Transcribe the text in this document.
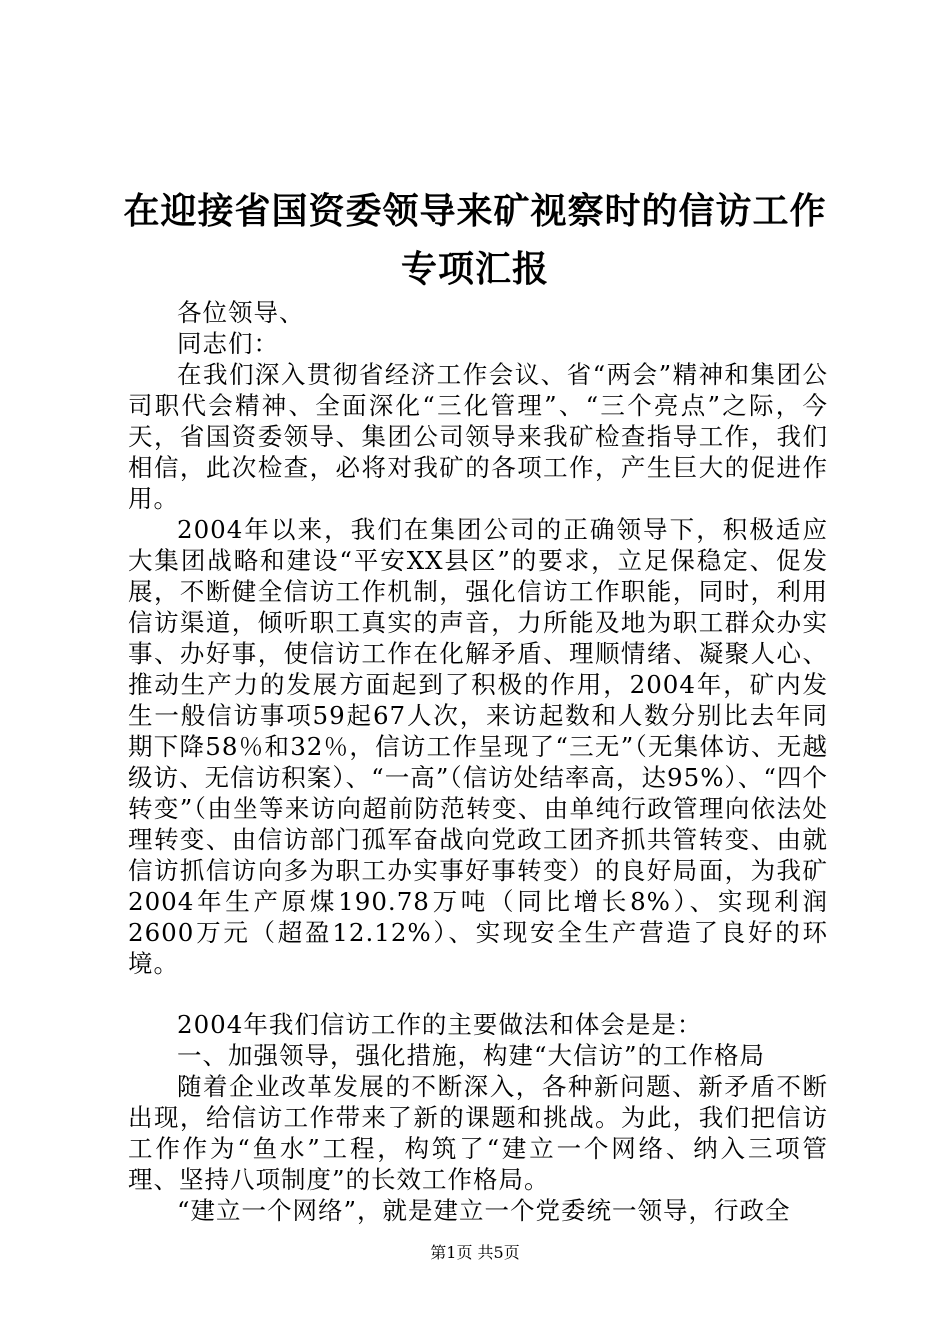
在迎接省国资委领导来矿视察时的信访工作专项汇报

各位领导、

同志们：

在我们深入贯彻省经济工作会议、省“两会”精神和集团公司职代会精神、全面深化“三化管理”、“三个亮点”之际，今天，省国资委领导、集团公司领导来我矿检查指导工作，我们相信，此次检查，必将对我矿的各项工作，产生巨大的促进作用。

2004年以来，我们在集团公司的正确领导下，积极适应大集团战略和建设“平安XX县区”的要求，立足保稳定、促发展，不断健全信访工作机制，强化信访工作职能，同时，利用信访渠道，倾听职工真实的声音，力所能及地为职工群众办实事、办好事，使信访工作在化解矛盾、理顺情绪、凝聚人心、推动生产力的发展方面起到了积极的作用，2004年，矿内发生一般信访事项59起67人次，来访起数和人数分别比去年同期下降58％和32％，信访工作呈现了“三无”（无集体访、无越级访、无信访积案）、“一高”（信访处结率高，达95%）、“四个转变”（由坐等来访向超前防范转变、由单纯行政管理向依法处理转变、由信访部门孤军奋战向党政工团齐抓共管转变、由就信访抓信访向多为职工办实事好事转变）的良好局面，为我矿2004年生产原煤190.78万吨（同比增长8%）、实现利润2600万元（超盈12.12%）、实现安全生产营造了良好的环境。

2004年我们信访工作的主要做法和体会是是：

一、加强领导，强化措施，构建“大信访”的工作格局

随着企业改革发展的不断深入，各种新问题、新矛盾不断出现，给信访工作带来了新的课题和挑战。为此，我们把信访工作作为“鱼水”工程，构筑了“建立一个网络、纳入三项管理、坚持八项制度”的长效工作格局。

“建立一个网络”，就是建立一个党委统一领导，行政全

第1页 共5页
